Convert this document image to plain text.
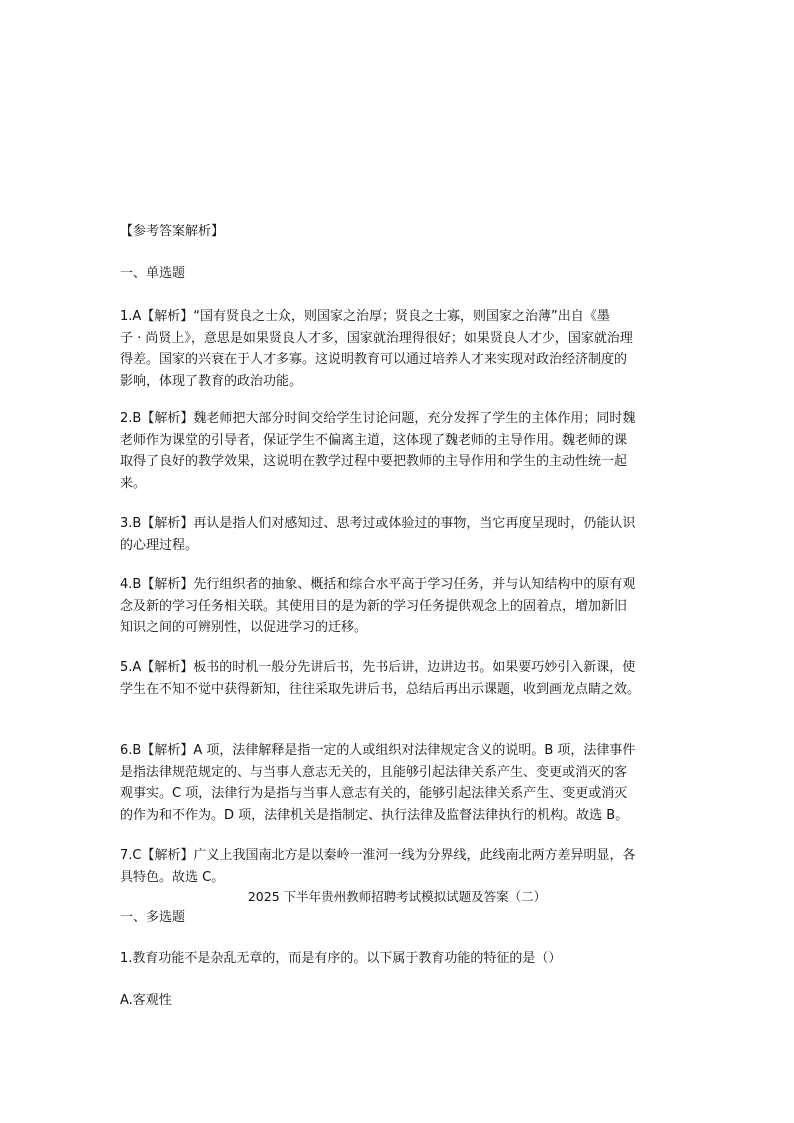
【参考答案解析】
一、单选题
1.A【解析】“国有贤良之士众，则国家之治厚；贤良之士寡，则国家之治薄”出自《墨
子 · 尚贤上》，意思是如果贤良人才多，国家就治理得很好；如果贤良人才少，国家就治理
得差。国家的兴衰在于人才多寡。这说明教育可以通过培养人才来实现对政治经济制度的
影响，体现了教育的政治功能。
2.B【解析】魏老师把大部分时间交给学生讨论问题，充分发挥了学生的主体作用；同时魏
老师作为课堂的引导者，保证学生不偏离主道，这体现了魏老师的主导作用。魏老师的课
取得了良好的教学效果，这说明在教学过程中要把教师的主导作用和学生的主动性统一起
来。
3.B【解析】再认是指人们对感知过、思考过或体验过的事物，当它再度呈现时，仍能认识
的心理过程。
4.B【解析】先行组织者的抽象、概括和综合水平高于学习任务，并与认知结构中的原有观
念及新的学习任务相关联。其使用目的是为新的学习任务提供观念上的固着点，增加新旧
知识之间的可辨别性，以促进学习的迁移。
5.A【解析】板书的时机一般分先讲后书，先书后讲，边讲边书。如果要巧妙引入新课，使
学生在不知不觉中获得新知，往往采取先讲后书，总结后再出示课题，收到画龙点睛之效。
6.B【解析】A 项，法律解释是指一定的人或组织对法律规定含义的说明。B 项，法律事件
是指法律规范规定的、与当事人意志无关的，且能够引起法律关系产生、变更或消灭的客
观事实。C 项，法律行为是指与当事人意志有关的，能够引起法律关系产生、变更或消灭
的作为和不作为。D 项，法律机关是指制定、执行法律及监督法律执行的机构。故选 B。
7.C【解析】广义上我国南北方是以秦岭一淮河一线为分界线，此线南北两方差异明显，各
具特色。故选 C。
2025 下半年贵州教师招聘考试模拟试题及答案（二）
一、多选题
1.教育功能不是杂乱无章的，而是有序的。以下属于教育功能的特征的是（）
A.客观性
